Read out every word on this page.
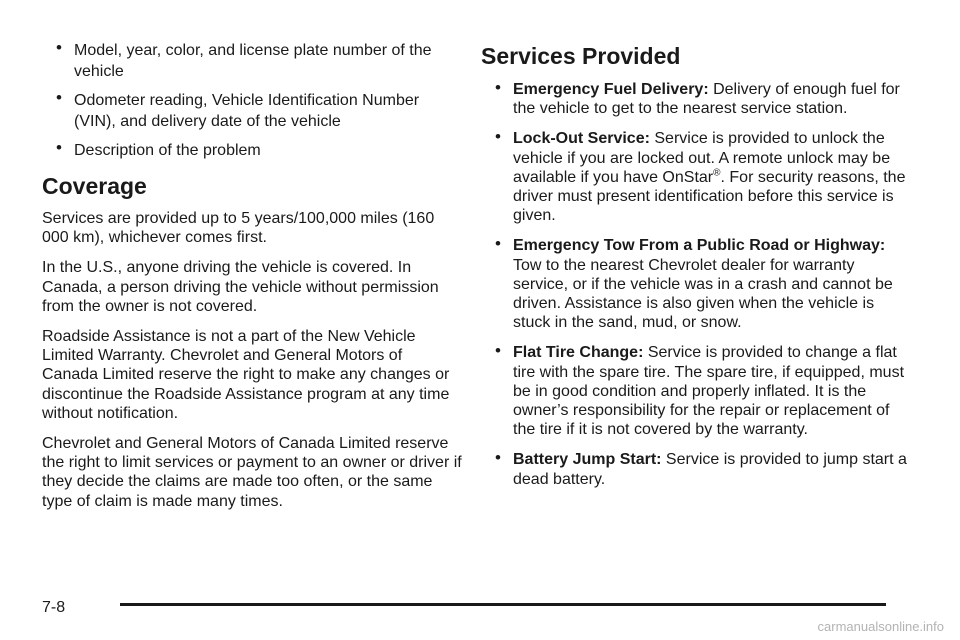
• Model, year, color, and license plate number of the vehicle
• Odometer reading, Vehicle Identification Number (VIN), and delivery date of the vehicle
• Description of the problem
Coverage

Services are provided up to 5 years/100,000 miles (160 000 km), whichever comes first.

In the U.S., anyone driving the vehicle is covered. In Canada, a person driving the vehicle without permission from the owner is not covered.

Roadside Assistance is not a part of the New Vehicle Limited Warranty. Chevrolet and General Motors of Canada Limited reserve the right to make any changes or discontinue the Roadside Assistance program at any time without notification.

Chevrolet and General Motors of Canada Limited reserve the right to limit services or payment to an owner or driver if they decide the claims are made too often, or the same type of claim is made many times.

Services Provided
• Emergency Fuel Delivery: Delivery of enough fuel for the vehicle to get to the nearest service station.
• Lock-Out Service: Service is provided to unlock the vehicle if you are locked out. A remote unlock may be available if you have OnStar®. For security reasons, the driver must present identification before this service is given.
• Emergency Tow From a Public Road or Highway: Tow to the nearest Chevrolet dealer for warranty service, or if the vehicle was in a crash and cannot be driven. Assistance is also given when the vehicle is stuck in the sand, mud, or snow.
• Flat Tire Change: Service is provided to change a flat tire with the spare tire. The spare tire, if equipped, must be in good condition and properly inflated. It is the owner’s responsibility for the repair or replacement of the tire if it is not covered by the warranty.
• Battery Jump Start: Service is provided to jump start a dead battery.
7-8
carmanualsonline.info
